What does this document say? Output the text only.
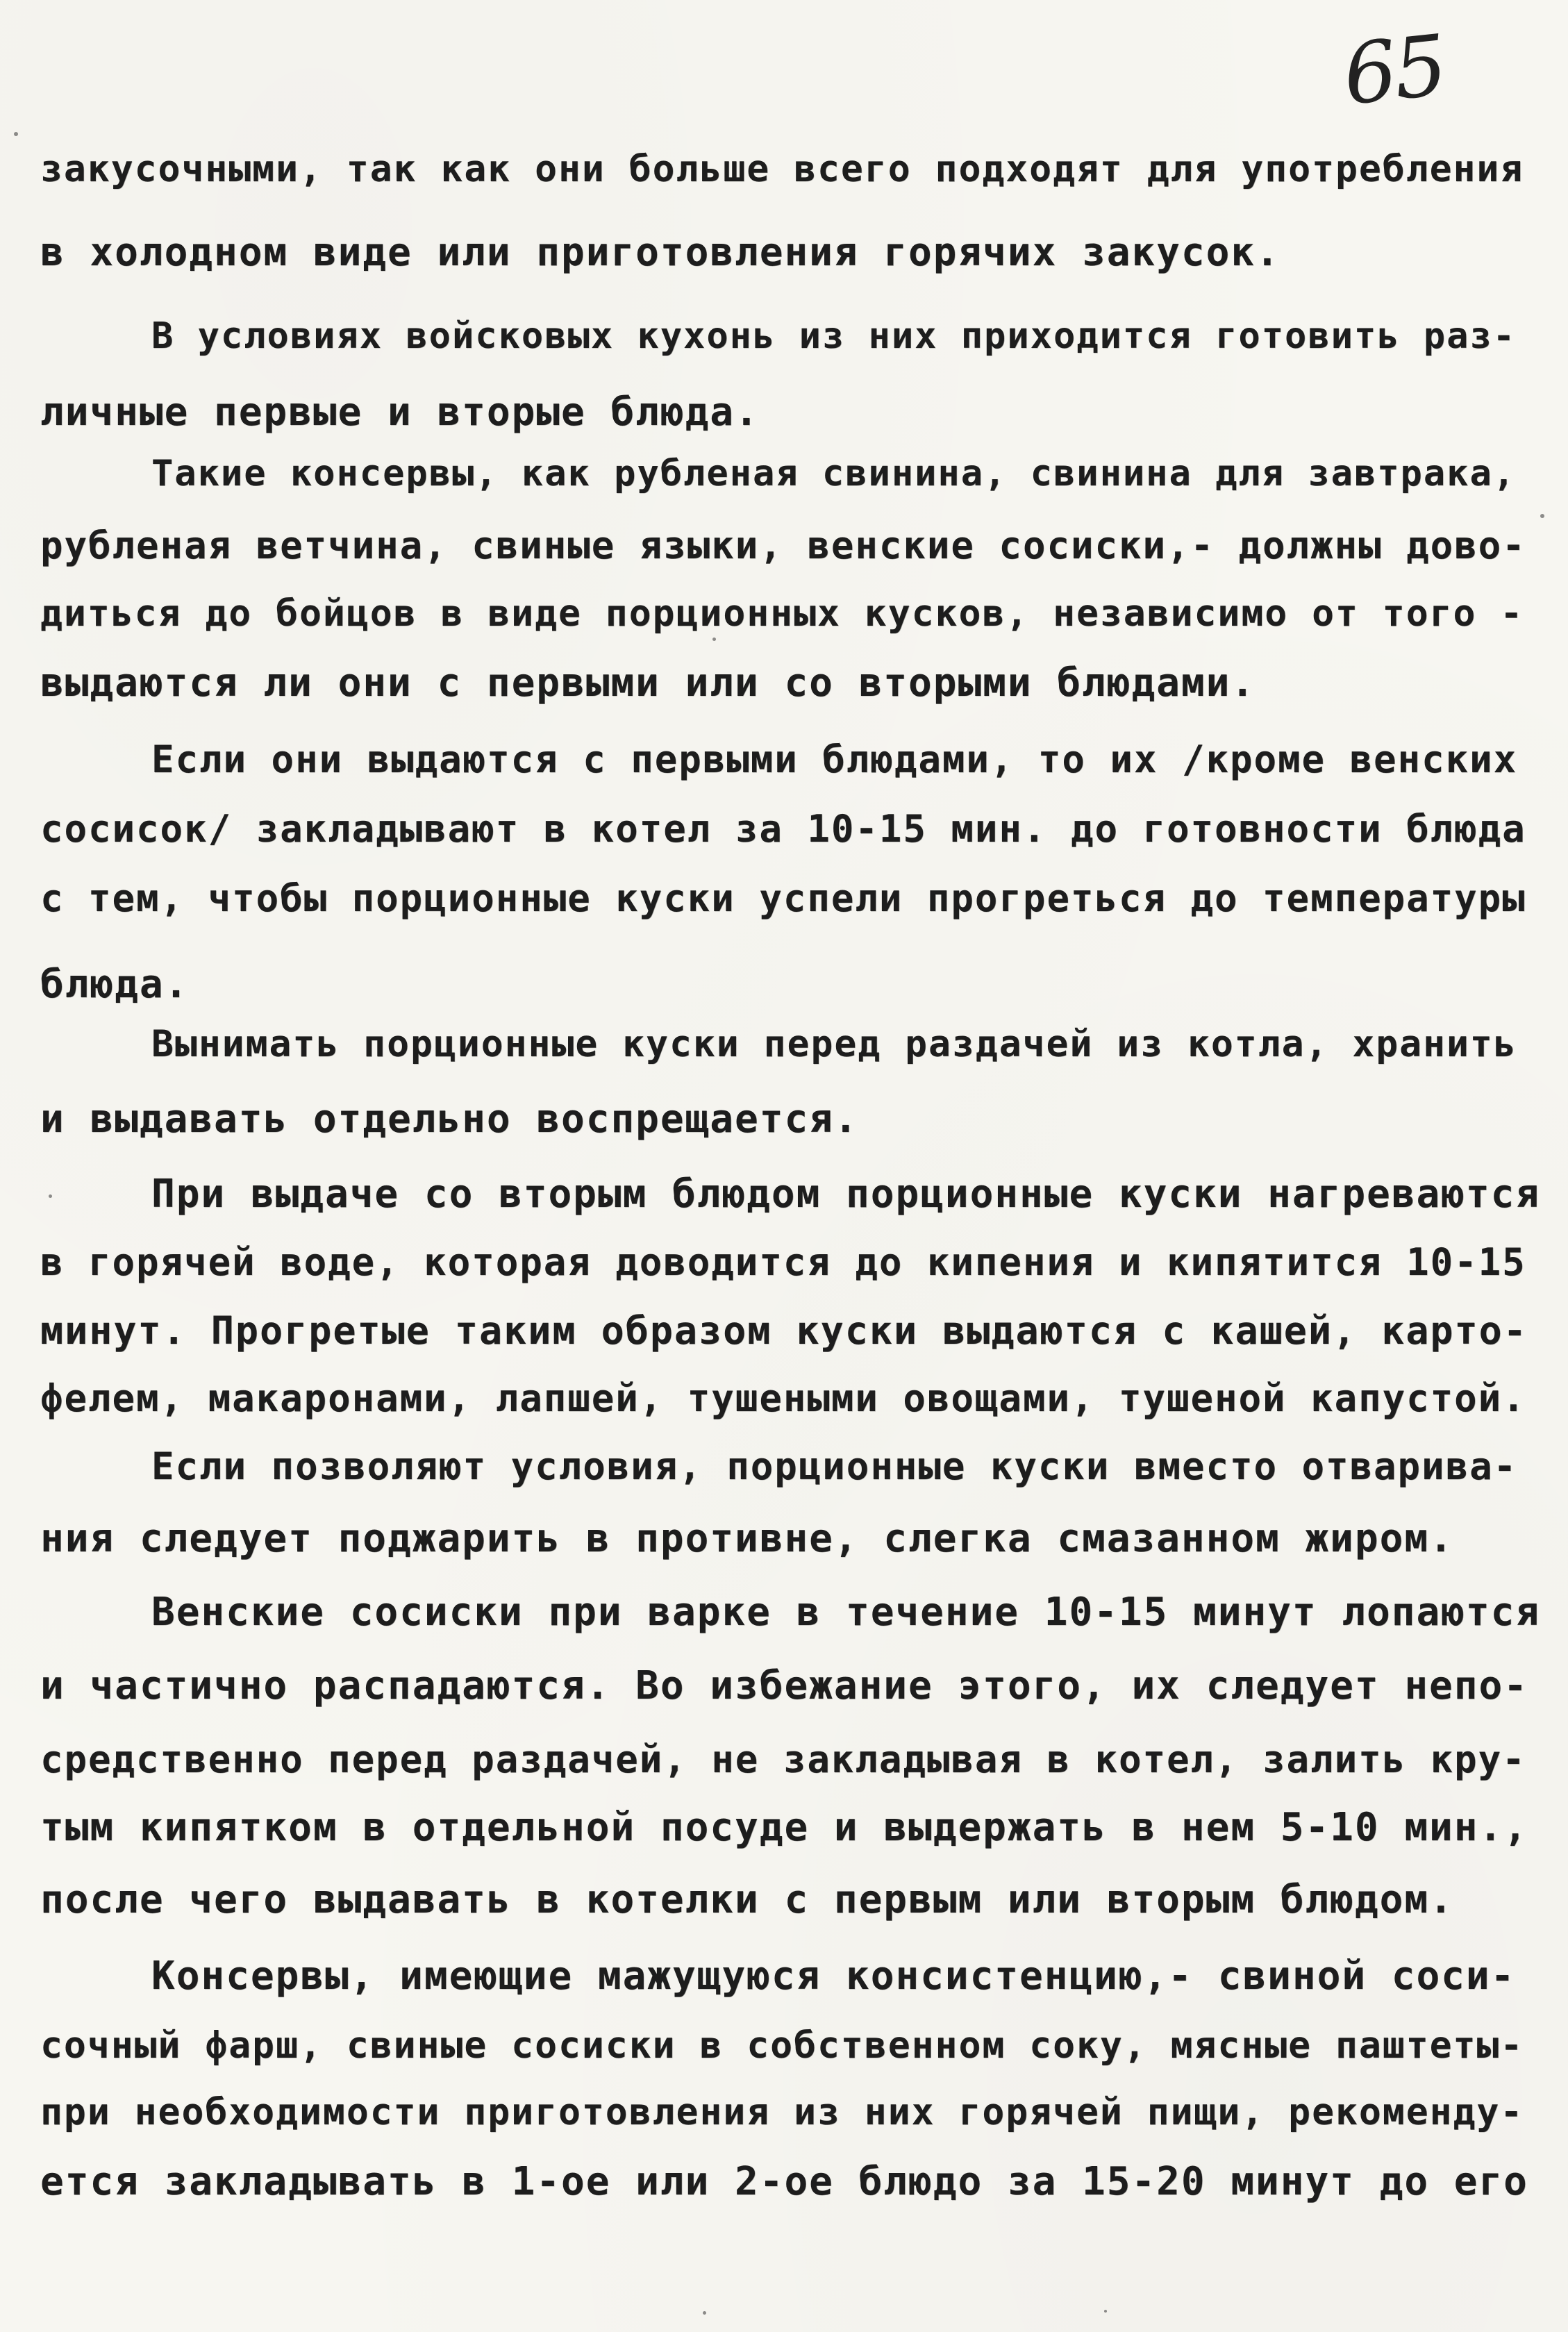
65
закусочными, так как они больше всего подходят для употребления
в холодном виде или приготовления горячих закусок.
В условиях войсковых кухонь из них приходится готовить раз-
личные первые и вторые блюда.
Такие консервы, как рубленая свинина, свинина для завтрака,
рубленая ветчина, свиные языки, венские сосиски,- должны дово-
диться до бойцов в виде порционных кусков, независимо от того -
выдаются ли они с первыми или со вторыми блюдами.
Если они выдаются с первыми блюдами, то их /кроме венских
сосисок/ закладывают в котел за 10-15 мин. до готовности блюда
с тем, чтобы порционные куски успели прогреться до температуры
блюда.
Вынимать порционные куски перед раздачей из котла, хранить
и выдавать отдельно воспрещается.
При выдаче со вторым блюдом порционные куски нагреваются
в горячей воде, которая доводится до кипения и кипятится 10-15
минут. Прогретые таким образом куски выдаются с кашей, карто-
фелем, макаронами, лапшей, тушеными овощами, тушеной капустой.
Если позволяют условия, порционные куски вместо отварива-
ния следует поджарить в противне, слегка смазанном жиром.
Венские сосиски при варке в течение 10-15 минут лопаются
и частично распадаются. Во избежание этого, их следует непо-
средственно перед раздачей, не закладывая в котел, залить кру-
тым кипятком в отдельной посуде и выдержать в нем 5-10 мин.,
после чего выдавать в котелки с первым или вторым блюдом.
Консервы, имеющие мажущуюся консистенцию,- свиной соси-
сочный фарш, свиные сосиски в собственном соку, мясные паштеты-
при необходимости приготовления из них горячей пищи, рекоменду-
ется закладывать в 1-ое или 2-ое блюдо за 15-20 минут до его
